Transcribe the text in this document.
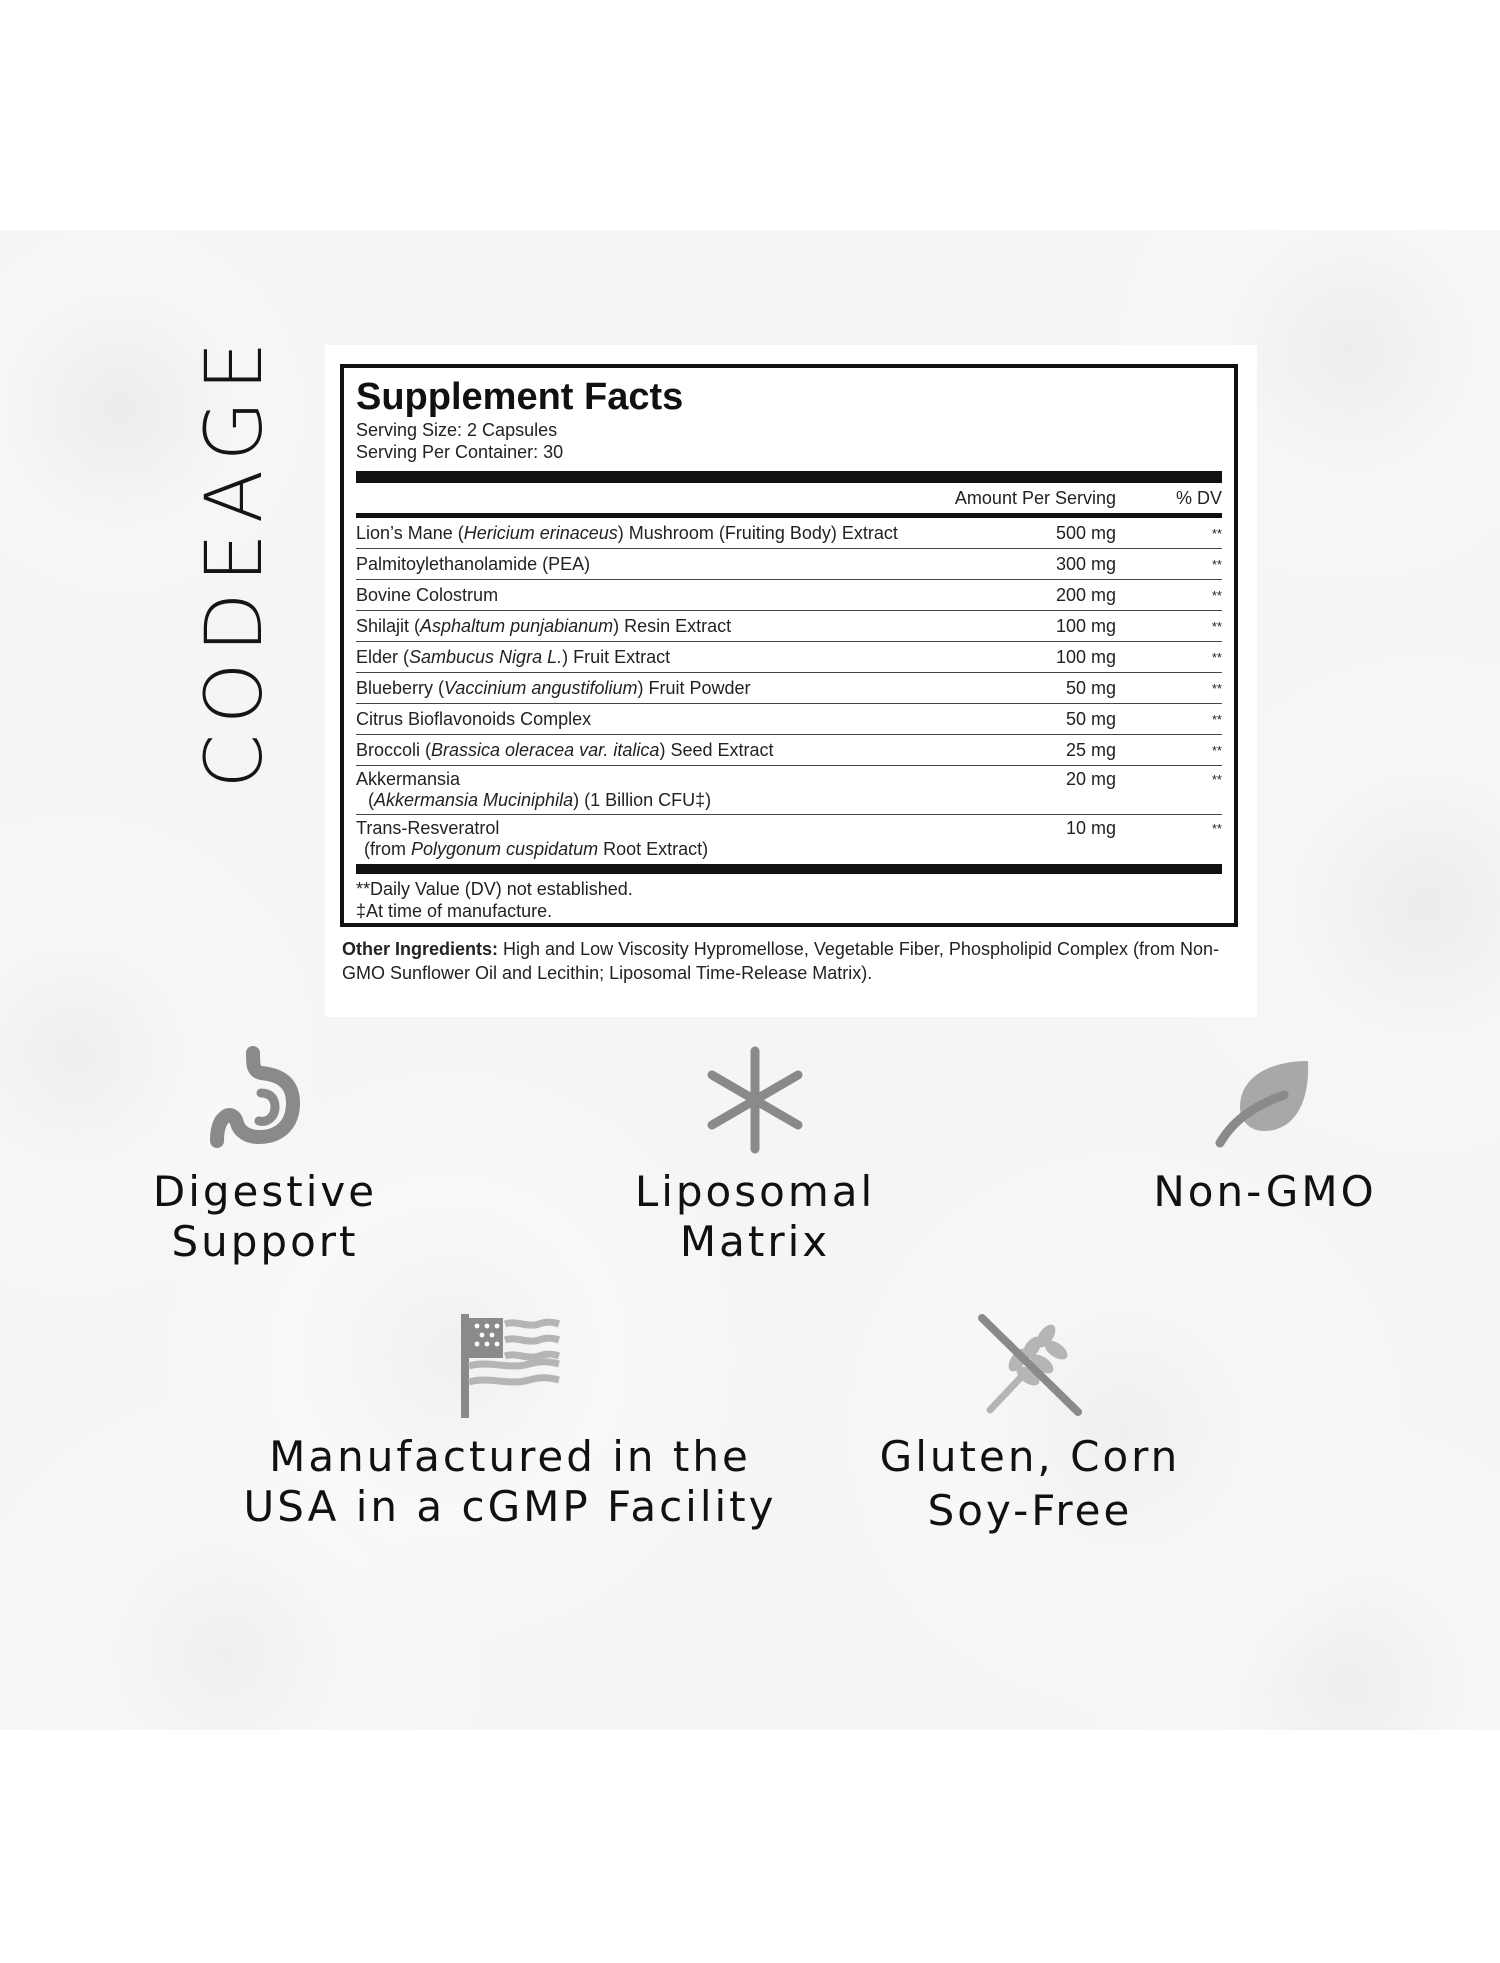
CODEAGE Supplement Facts
Serving Size: 2 Capsules
Serving Per Container: 30
Amount Per Serving	% DV
Lion’s Mane (Hericium erinaceus) Mushroom (Fruiting Body) Extract	500 mg	**
Palmitoylethanolamide (PEA)	300 mg	**
Bovine Colostrum	200 mg	**
Shilajit (Asphaltum punjabianum) Resin Extract	100 mg	**
Elder (Sambucus Nigra L.) Fruit Extract	100 mg	**
Blueberry (Vaccinium angustifolium) Fruit Powder	50 mg	**
Citrus Bioflavonoids Complex	50 mg	**
Broccoli (Brassica oleracea var. italica) Seed Extract	25 mg	**
Akkermansia
(Akkermansia Muciniphila) (1 Billion CFU‡)
20 mg	**
Trans-Resveratrol
(from Polygonum cuspidatum Root Extract)
10 mg	**
**Daily Value (DV) not established.
‡At time of manufacture.
Other Ingredients: High and Low Viscosity Hypromellose, Vegetable Fiber, Phospholipid Complex (from Non-GMO Sunflower Oil and Lecithin; Liposomal Time-Release Matrix).
Digestive
Support
Liposomal
Matrix
Non-GMO
Manufactured in the
USA in a cGMP Facility
Gluten, Corn
Soy-Free
